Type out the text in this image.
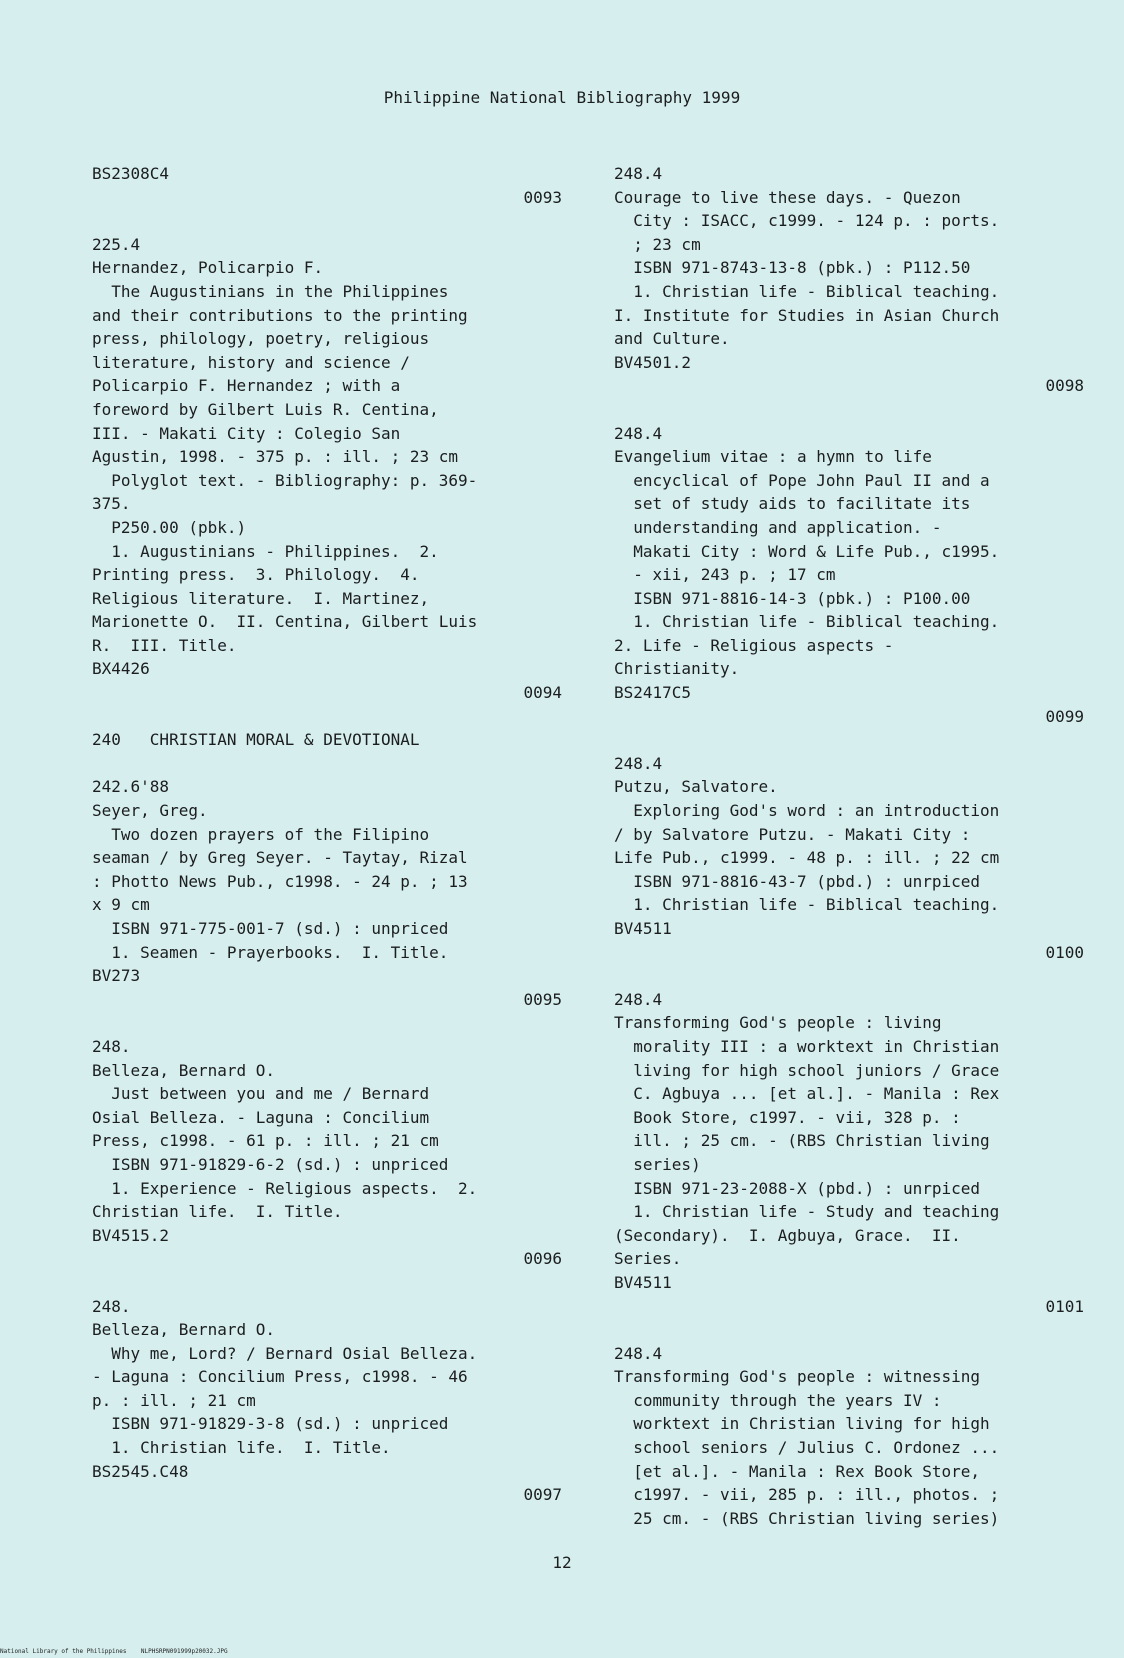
Philippine National Bibliography 1999
BS2308C4
0093
225.4
Hernandez, Policarpio F.
The Augustinians in the Philippines
and their contributions to the printing
press, philology, poetry, religious
literature, history and science /
Policarpio F. Hernandez ; with a
foreword by Gilbert Luis R. Centina,
III. - Makati City : Colegio San
Agustin, 1998. - 375 p. : ill. ; 23 cm
Polyglot text. - Bibliography: p. 369-
375.
P250.00 (pbk.)
1. Augustinians - Philippines.  2.
Printing press.  3. Philology.  4.
Religious literature.  I. Martinez,
Marionette O.  II. Centina, Gilbert Luis
R.  III. Title.
BX4426
0094
240   CHRISTIAN MORAL & DEVOTIONAL
242.6'88
Seyer, Greg.
Two dozen prayers of the Filipino
seaman / by Greg Seyer. - Taytay, Rizal
: Photto News Pub., c1998. - 24 p. ; 13
x 9 cm
ISBN 971-775-001-7 (sd.) : unpriced
1. Seamen - Prayerbooks.  I. Title.
BV273
0095
248.
Belleza, Bernard O.
Just between you and me / Bernard
Osial Belleza. - Laguna : Concilium
Press, c1998. - 61 p. : ill. ; 21 cm
ISBN 971-91829-6-2 (sd.) : unpriced
1. Experience - Religious aspects.  2.
Christian life.  I. Title.
BV4515.2
0096
248.
Belleza, Bernard O.
Why me, Lord? / Bernard Osial Belleza.
- Laguna : Concilium Press, c1998. - 46
p. : ill. ; 21 cm
ISBN 971-91829-3-8 (sd.) : unpriced
1. Christian life.  I. Title.
BS2545.C48
0097
248.4
Courage to live these days. - Quezon
City : ISACC, c1999. - 124 p. : ports.
; 23 cm
ISBN 971-8743-13-8 (pbk.) : P112.50
1. Christian life - Biblical teaching.
I. Institute for Studies in Asian Church
and Culture.
BV4501.2
0098
248.4
Evangelium vitae : a hymn to life
encyclical of Pope John Paul II and a
set of study aids to facilitate its
understanding and application. -
Makati City : Word & Life Pub., c1995.
- xii, 243 p. ; 17 cm
ISBN 971-8816-14-3 (pbk.) : P100.00
1. Christian life - Biblical teaching.
2. Life - Religious aspects -
Christianity.
BS2417C5
0099
248.4
Putzu, Salvatore.
Exploring God's word : an introduction
/ by Salvatore Putzu. - Makati City :
Life Pub., c1999. - 48 p. : ill. ; 22 cm
ISBN 971-8816-43-7 (pbd.) : unrpiced
1. Christian life - Biblical teaching.
BV4511
0100
248.4
Transforming God's people : living
morality III : a worktext in Christian
living for high school juniors / Grace
C. Agbuya ... [et al.]. - Manila : Rex
Book Store, c1997. - vii, 328 p. :
ill. ; 25 cm. - (RBS Christian living
series)
ISBN 971-23-2088-X (pbd.) : unrpiced
1. Christian life - Study and teaching
(Secondary).  I. Agbuya, Grace.  II.
Series.
BV4511
0101
248.4
Transforming God's people : witnessing
community through the years IV :
worktext in Christian living for high
school seniors / Julius C. Ordonez ...
[et al.]. - Manila : Rex Book Store,
c1997. - vii, 285 p. : ill., photos. ;
25 cm. - (RBS Christian living series)
12
National Library of the Philippines    NLPHSRPN091999p20032.JPG
